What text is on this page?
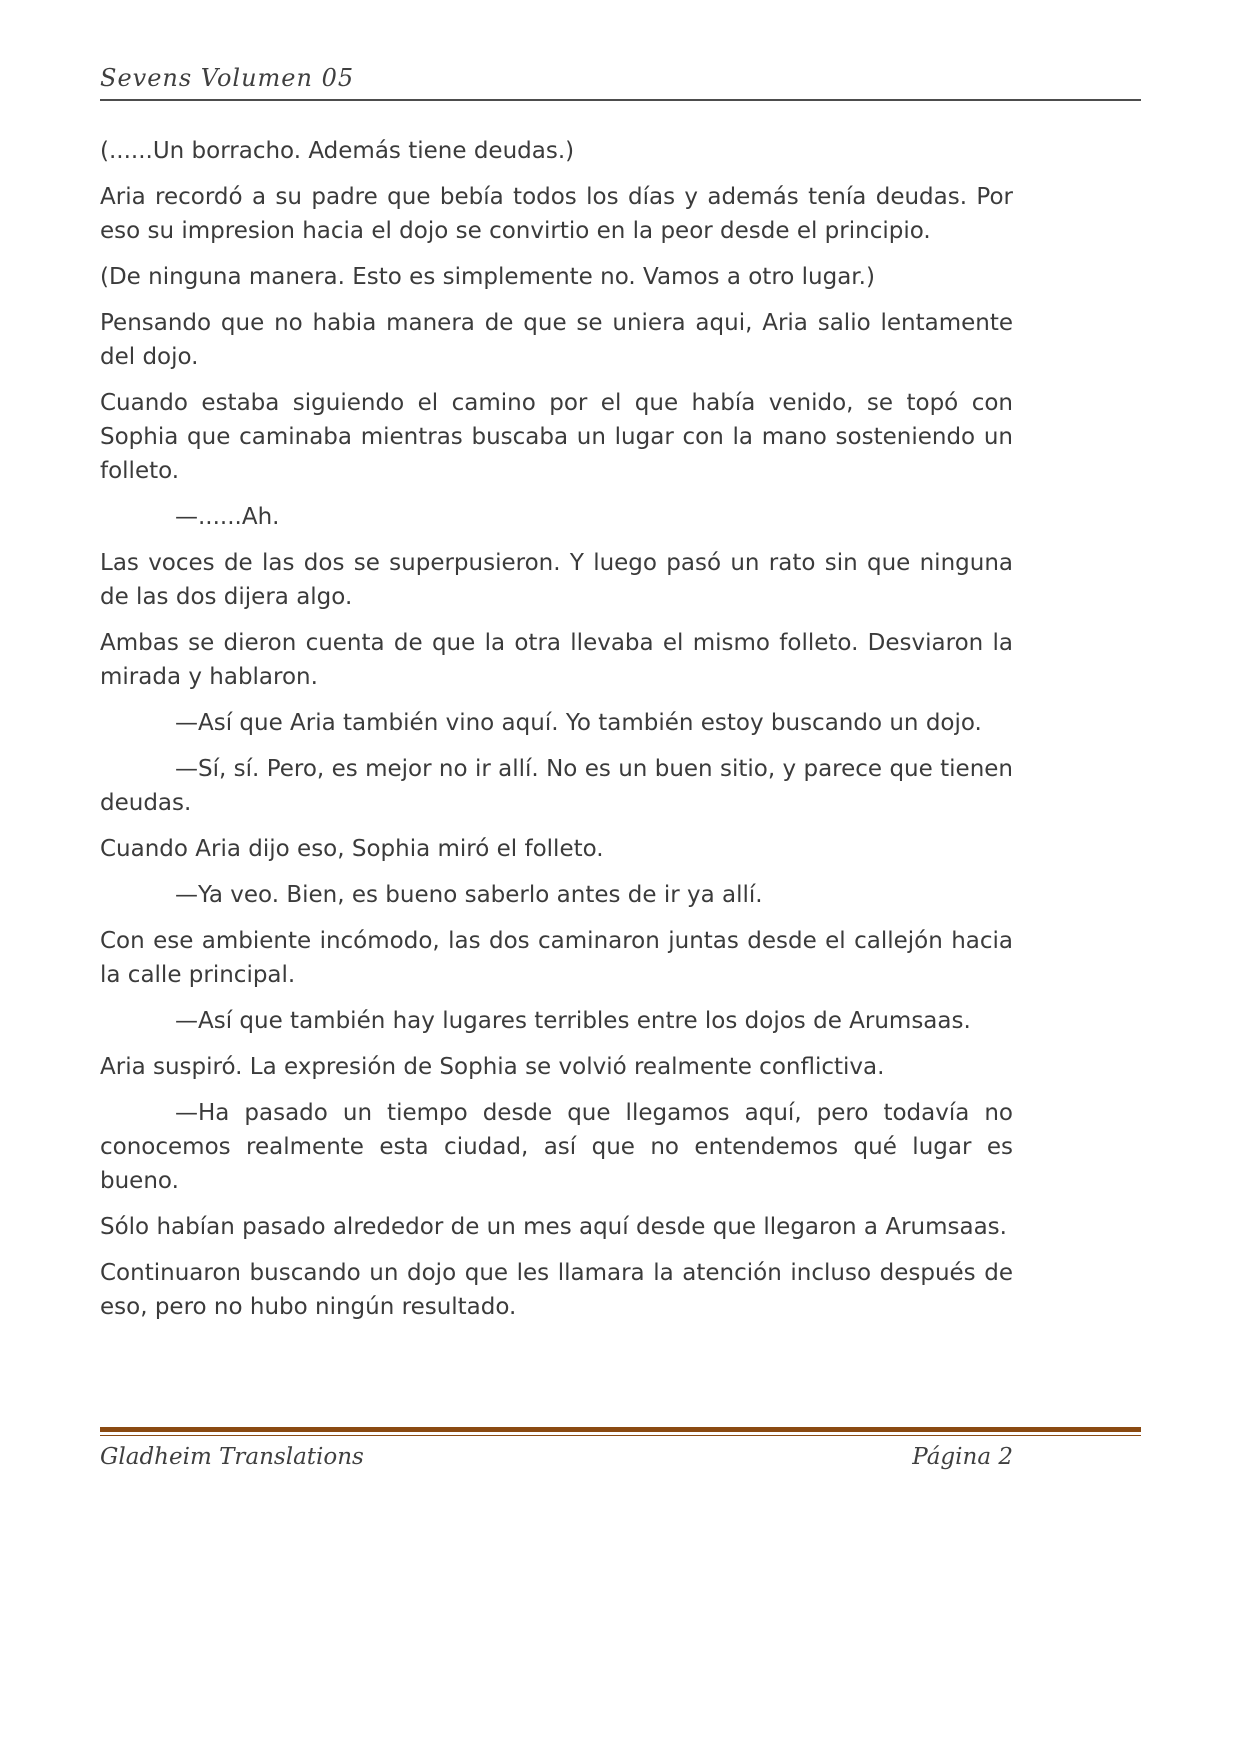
Sevens Volumen 05

(......Un borracho. Además tiene deudas.)

Aria recordó a su padre que bebía todos los días y además tenía deudas. Por eso su impresion hacia el dojo se convirtio en la peor desde el principio.

(De ninguna manera. Esto es simplemente no. Vamos a otro lugar.)

Pensando que no habia manera de que se uniera aqui, Aria salio lentamente del dojo.

Cuando estaba siguiendo el camino por el que había venido, se topó con Sophia que caminaba mientras buscaba un lugar con la mano sosteniendo un folleto.

—......Ah.

Las voces de las dos se superpusieron. Y luego pasó un rato sin que ninguna de las dos dijera algo.

Ambas se dieron cuenta de que la otra llevaba el mismo folleto. Desviaron la mirada y hablaron.

—Así que Aria también vino aquí. Yo también estoy buscando un dojo.

—Sí, sí. Pero, es mejor no ir allí. No es un buen sitio, y parece que tienen deudas.

Cuando Aria dijo eso, Sophia miró el folleto.

—Ya veo. Bien, es bueno saberlo antes de ir ya allí.

Con ese ambiente incómodo, las dos caminaron juntas desde el callejón hacia la calle principal.

—Así que también hay lugares terribles entre los dojos de Arumsaas.

Aria suspiró. La expresión de Sophia se volvió realmente conflictiva.

—Ha pasado un tiempo desde que llegamos aquí, pero todavía no conocemos realmente esta ciudad, así que no entendemos qué lugar es bueno.

Sólo habían pasado alrededor de un mes aquí desde que llegaron a Arumsaas.

Continuaron buscando un dojo que les llamara la atención incluso después de eso, pero no hubo ningún resultado.

Gladheim Translations	Página 2
